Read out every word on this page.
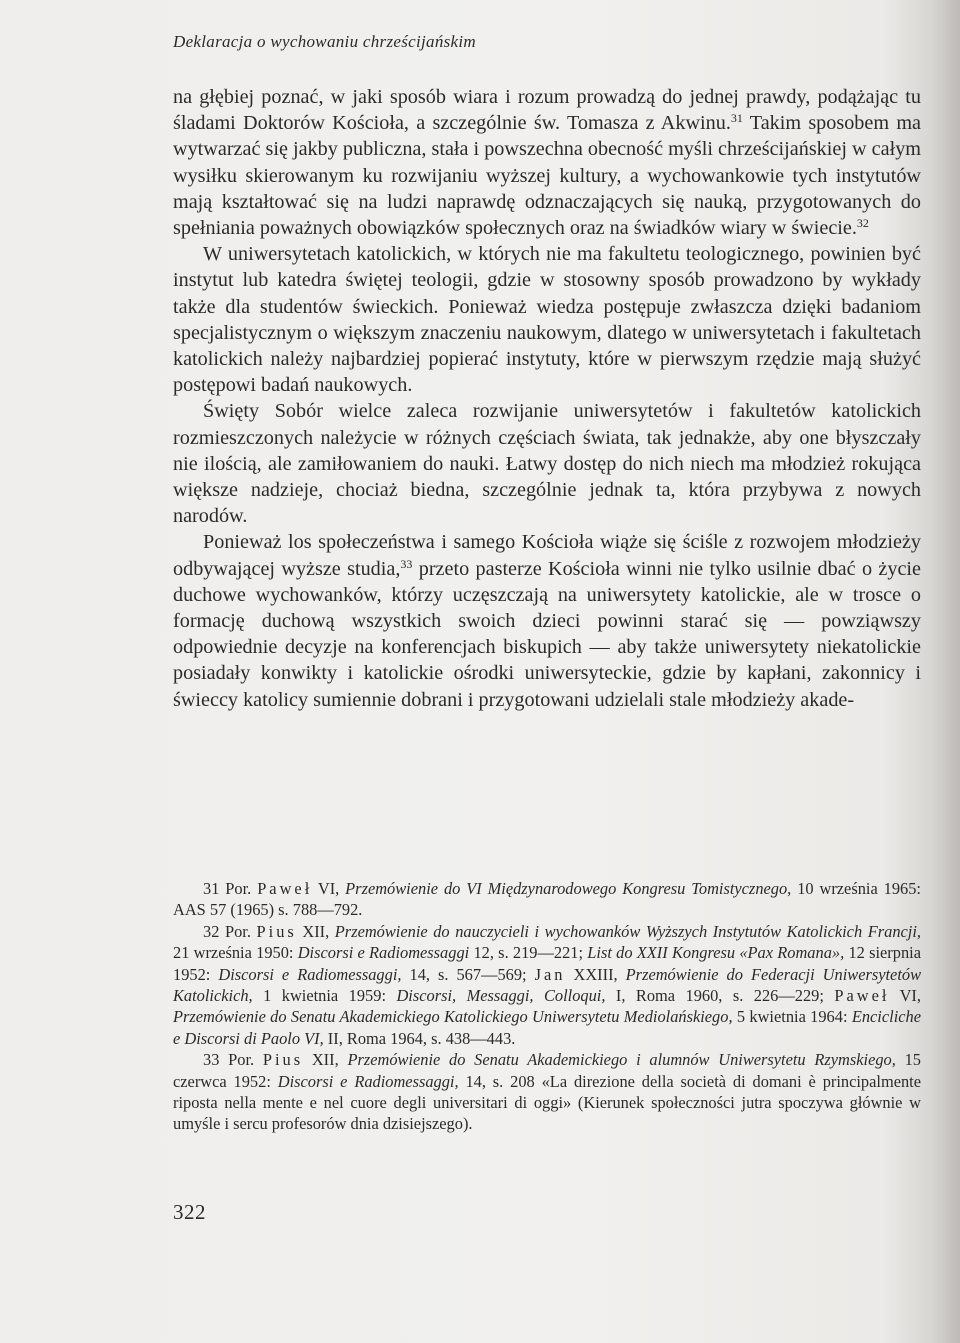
Deklaracja o wychowaniu chrześcijańskim

na głębiej poznać, w jaki sposób wiara i rozum prowadzą do jednej prawdy, podążając tu śladami Doktorów Kościoła, a szczególnie św. Tomasza z Akwinu.$^{31}$ Takim sposobem ma wytwarzać się jakby publiczna, stała i powszechna obecność myśli chrześcijańskiej w całym wysiłku skierowanym ku rozwijaniu wyższej kultury, a wychowankowie tych instytutów mają kształtować się na ludzi naprawdę odznaczających się nauką, przygotowanych do spełniania poważnych obowiązków społecznych oraz na świadków wiary w świecie.$^{32}$

W uniwersytetach katolickich, w których nie ma fakultetu teologicznego, powinien być instytut lub katedra świętej teologii, gdzie w stosowny sposób prowadzono by wykłady także dla studentów świeckich. Ponieważ wiedza postępuje zwłaszcza dzięki badaniom specjalistycznym o większym znaczeniu naukowym, dlatego w uniwersytetach i fakultetach katolickich należy najbardziej popierać instytuty, które w pierwszym rzędzie mają służyć postępowi badań naukowych.

Święty Sobór wielce zaleca rozwijanie uniwersytetów i fakultetów katolickich rozmieszczonych należycie w różnych częściach świata, tak jednakże, aby one błyszczały nie ilością, ale zamiłowaniem do nauki. Łatwy dostęp do nich niech ma młodzież rokująca większe nadzieje, chociaż biedna, szczególnie jednak ta, która przybywa z nowych narodów.

Ponieważ los społeczeństwa i samego Kościoła wiąże się ściśle z rozwojem młodzieży odbywającej wyższe studia,$^{33}$ przeto pasterze Kościoła winni nie tylko usilnie dbać o życie duchowe wychowanków, którzy uczęszczają na uniwersytety katolickie, ale w trosce o formację duchową wszystkich swoich dzieci powinni starać się — powziąwszy odpowiednie decyzje na konferencjach biskupich — aby także uniwersytety niekatolickie posiadały konwikty i katolickie ośrodki uniwersyteckie, gdzie by kapłani, zakonnicy i świeccy katolicy sumiennie dobrani i przygotowani udzielali stale młodzieży akade-

31 Por. Paweł VI, Przemówienie do VI Międzynarodowego Kongresu Tomistycznego, 10 września 1965: AAS 57 (1965) s. 788—792.

32 Por. Pius XII, Przemówienie do nauczycieli i wychowanków Wyższych Instytutów Katolickich Francji, 21 września 1950: Discorsi e Radiomessaggi 12, s. 219—221; List do XXII Kongresu «Pax Romana», 12 sierpnia 1952: Discorsi e Radiomessaggi, 14, s. 567—569; Jan XXIII, Przemówienie do Federacji Uniwersytetów Katolickich, 1 kwietnia 1959: Discorsi, Messaggi, Colloqui, I, Roma 1960, s. 226—229; Paweł VI, Przemówienie do Senatu Akademickiego Katolickiego Uniwersytetu Mediolańskiego, 5 kwietnia 1964: Encicliche e Discorsi di Paolo VI, II, Roma 1964, s. 438—443.

33 Por. Pius XII, Przemówienie do Senatu Akademickiego i alumnów Uniwersytetu Rzymskiego, 15 czerwca 1952: Discorsi e Radiomessaggi, 14, s. 208 «La direzione della società di domani è principalmente riposta nella mente e nel cuore degli universitari di oggi» (Kierunek społeczności jutra spoczywa głównie w umyśle i sercu profesorów dnia dzisiejszego).

322
